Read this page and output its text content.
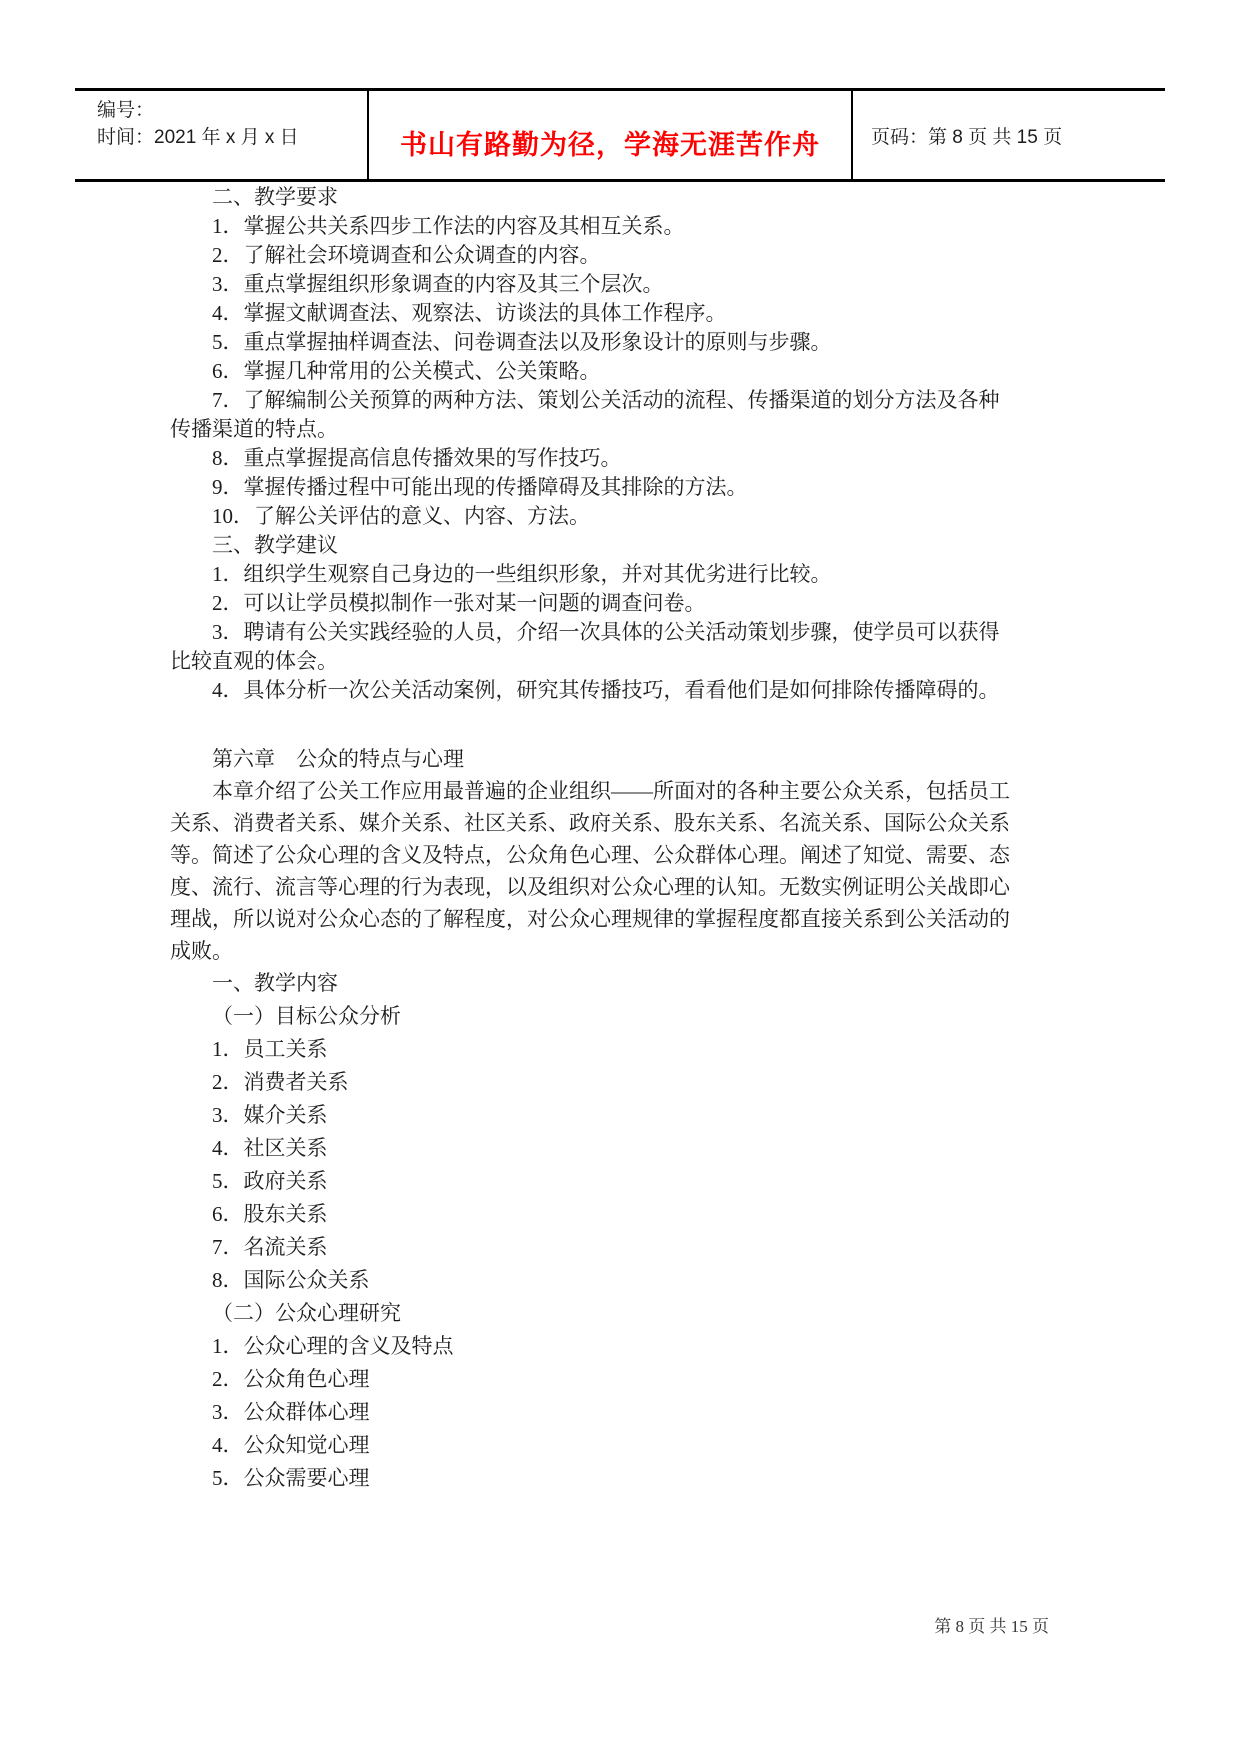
编号：
时间：2021 年 x 月 x 日	书山有路勤为径，学海无涯苦作舟	页码：第 8 页 共 15 页
二、教学要求
1．掌握公共关系四步工作法的内容及其相互关系。
2．了解社会环境调查和公众调查的内容。
3．重点掌握组织形象调查的内容及其三个层次。
4．掌握文献调查法、观察法、访谈法的具体工作程序。
5．重点掌握抽样调查法、问卷调查法以及形象设计的原则与步骤。
6．掌握几种常用的公关模式、公关策略。
7．了解编制公关预算的两种方法、策划公关活动的流程、传播渠道的划分方法及各种
传播渠道的特点。
8．重点掌握提高信息传播效果的写作技巧。
9．掌握传播过程中可能出现的传播障碍及其排除的方法。
10．了解公关评估的意义、内容、方法。
三、教学建议
1．组织学生观察自己身边的一些组织形象，并对其优劣进行比较。
2．可以让学员模拟制作一张对某一问题的调查问卷。
3．聘请有公关实践经验的人员，介绍一次具体的公关活动策划步骤，使学员可以获得
比较直观的体会。
4．具体分析一次公关活动案例，研究其传播技巧，看看他们是如何排除传播障碍的。
第六章　公众的特点与心理
本章介绍了公关工作应用最普遍的企业组织——所面对的各种主要公众关系，包括员工
关系、消费者关系、媒介关系、社区关系、政府关系、股东关系、名流关系、国际公众关系
等。简述了公众心理的含义及特点，公众角色心理、公众群体心理。阐述了知觉、需要、态
度、流行、流言等心理的行为表现，以及组织对公众心理的认知。无数实例证明公关战即心
理战，所以说对公众心态的了解程度，对公众心理规律的掌握程度都直接关系到公关活动的
成败。
一、教学内容
（一）目标公众分析
1．员工关系
2．消费者关系
3．媒介关系
4．社区关系
5．政府关系
6．股东关系
7．名流关系
8．国际公众关系
（二）公众心理研究
1．公众心理的含义及特点
2．公众角色心理
3．公众群体心理
4．公众知觉心理
5．公众需要心理
第 8 页 共 15 页
